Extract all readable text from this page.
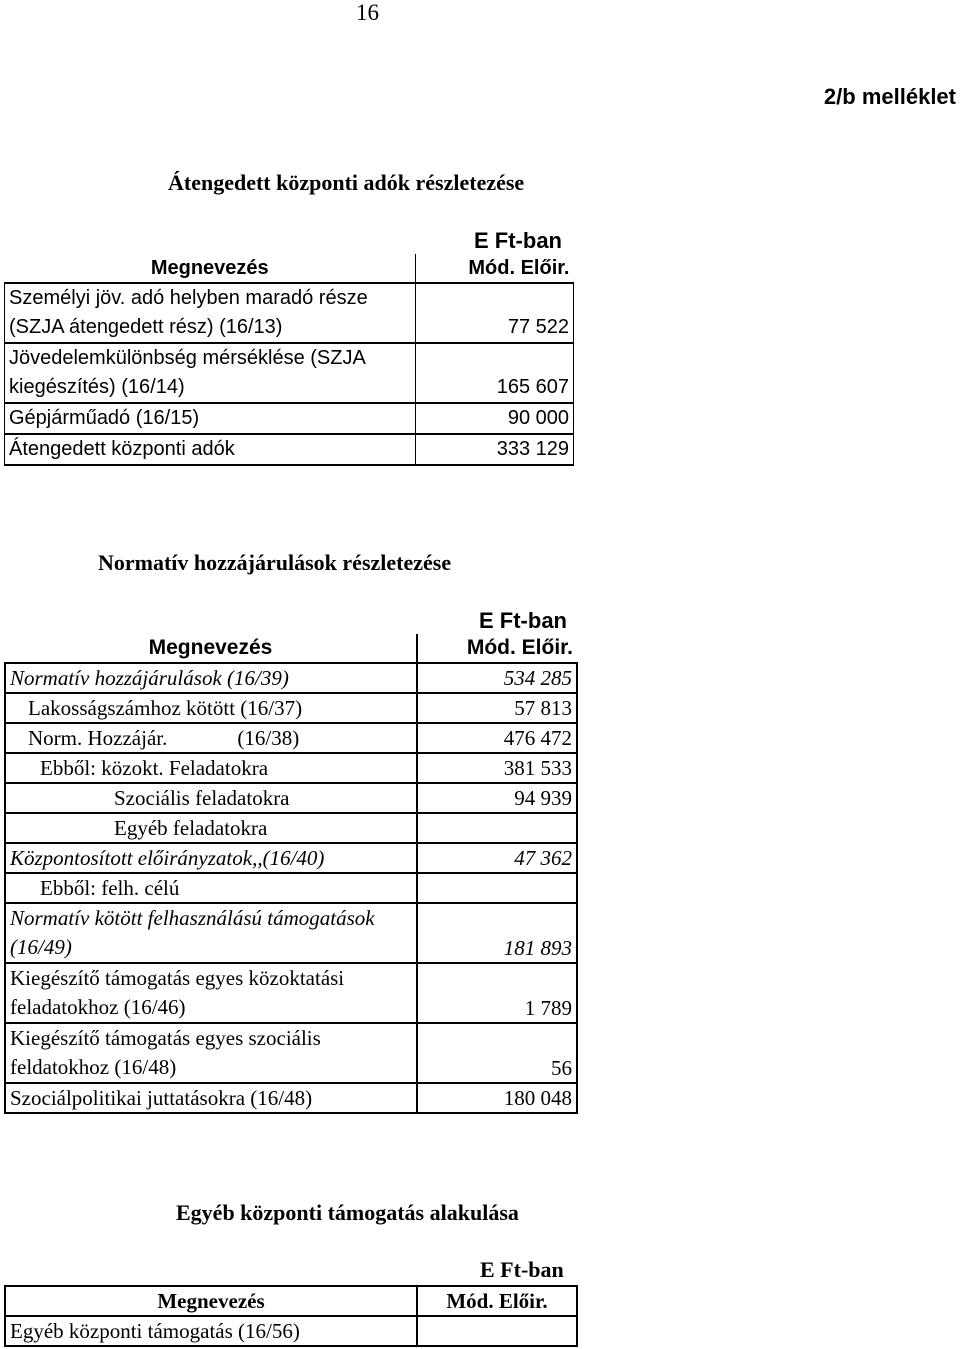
16
2/b melléklet
Átengedett központi adók részletezése
E Ft-ban
Megnevezés	Mód. Előir.
Személyi jöv. adó helyben maradó része (SZJA átengedett rész) (16/13)	77 522
Jövedelemkülönbség mérséklése (SZJA kiegészítés) (16/14)	165 607
Gépjárműadó (16/15)	90 000
Átengedett központi adók	333 129
Normatív hozzájárulások részletezése
E Ft-ban
Megnevezés	Mód. Előir.
Normatív hozzájárulások (16/39)	534 285
Lakosságszámhoz kötött (16/37)	57 813
Norm. Hozzájár. (16/38)	476 472
Ebből: közokt. Feladatokra	381 533
Szociális feladatokra	94 939
Egyéb feladatokra	
Központosított előirányzatok,,(16/40)	47 362
Ebből: felh. célú	
Normatív kötött felhasználású támogatások (16/49)	181 893
Kiegészítő támogatás egyes közoktatási feladatokhoz (16/46)	1 789
Kiegészítő támogatás egyes szociális feldatokhoz (16/48)	56
Szociálpolitikai juttatásokra (16/48)	180 048
Egyéb központi támogatás alakulása
E Ft-ban
Megnevezés	Mód. Előir.
Egyéb központi támogatás (16/56)	
